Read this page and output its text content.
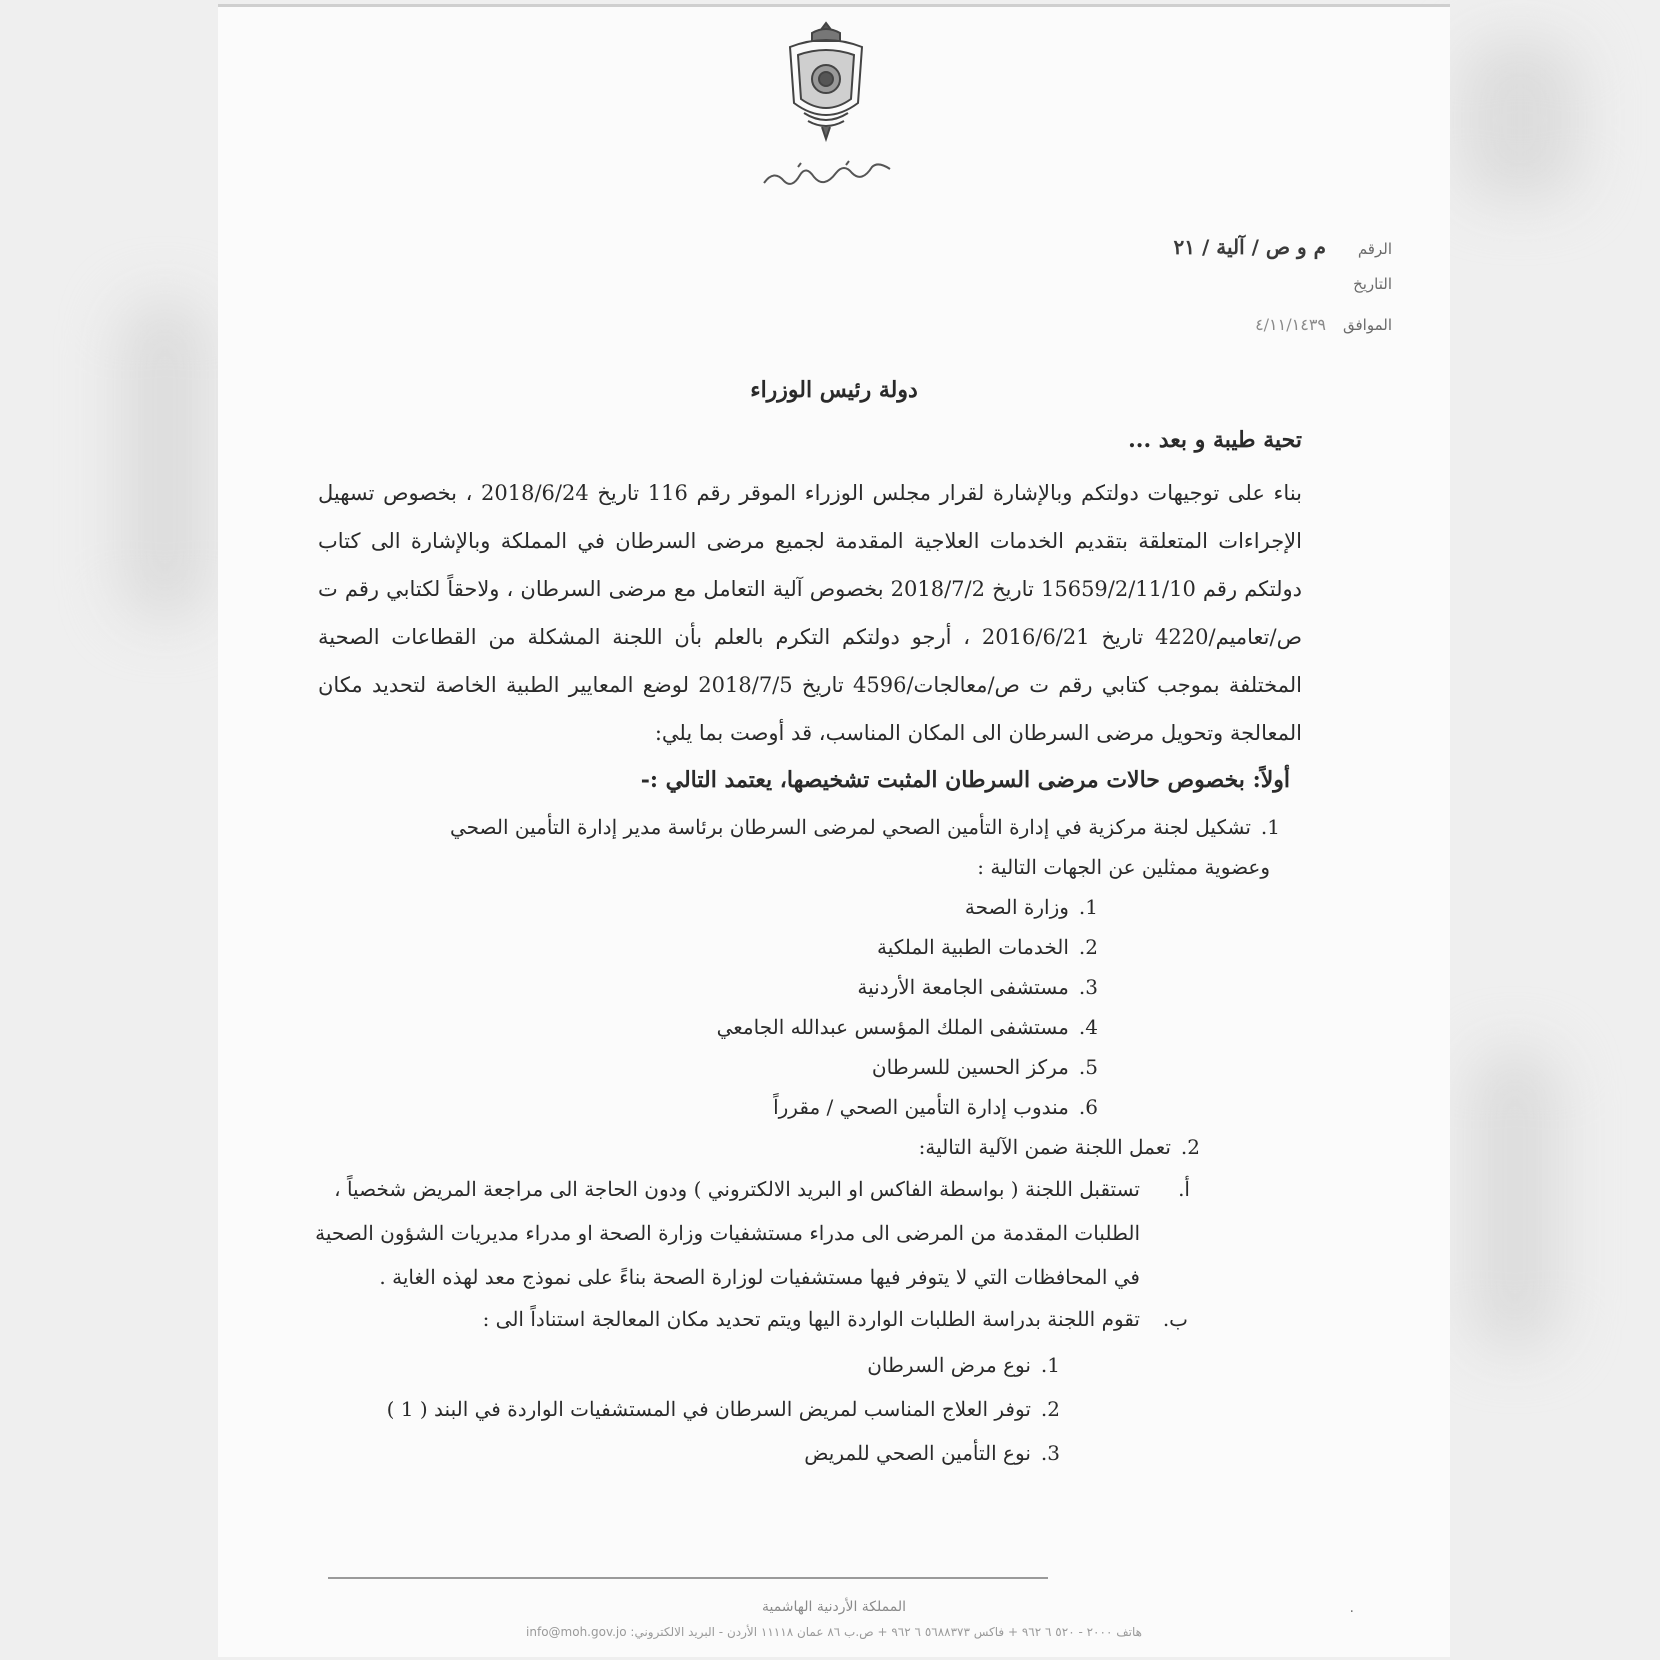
الرقم
م و ص / آلية / ٢١
التاريخ
الموافق
٤/١١/١٤٣٩
دولة رئيس الوزراء
تحية طيبة و بعد ...
بناء على توجيهات دولتكم وبالإشارة لقرار مجلس الوزراء الموقر رقم 116 تاريخ 2018/6/24 ، بخصوص تسهيل الإجراءات المتعلقة بتقديم الخدمات العلاجية المقدمة لجميع مرضى السرطان في المملكة وبالإشارة الى كتاب دولتكم رقم 15659/2/11/10 تاريخ 2018/7/2 بخصوص آلية التعامل مع مرضى السرطان ، ولاحقاً لكتابي رقم ت ص/تعاميم/4220 تاريخ 2016/6/21 ، أرجو دولتكم التكرم بالعلم بأن اللجنة المشكلة من القطاعات الصحية المختلفة بموجب كتابي رقم ت ص/معالجات/4596 تاريخ 2018/7/5 لوضع المعايير الطبية الخاصة لتحديد مكان المعالجة وتحويل مرضى السرطان الى المكان المناسب، قد أوصت بما يلي:
أولاً: بخصوص حالات مرضى السرطان المثبت تشخيصها، يعتمد التالي :-
1.تشكيل لجنة مركزية في إدارة التأمين الصحي لمرضى السرطان برئاسة مدير إدارة التأمين الصحي
وعضوية ممثلين عن الجهات التالية :
1.وزارة الصحة
2.الخدمات الطبية الملكية
3.مستشفى الجامعة الأردنية
4.مستشفى الملك المؤسس عبدالله الجامعي
5.مركز الحسين للسرطان
6.مندوب إدارة التأمين الصحي / مقرراً
2.تعمل اللجنة ضمن الآلية التالية:
أ.
تستقبل اللجنة ( بواسطة الفاكس او البريد الالكتروني ) ودون الحاجة الى مراجعة المريض شخصياً ،
الطلبات المقدمة من المرضى الى مدراء مستشفيات وزارة الصحة او مدراء مديريات الشؤون الصحية
في المحافظات التي لا يتوفر فيها مستشفيات لوزارة الصحة بناءً على نموذج معد لهذه الغاية .
ب.
تقوم اللجنة بدراسة الطلبات الواردة اليها ويتم تحديد مكان المعالجة استناداً الى :
1.نوع مرض السرطان
2.توفر العلاج المناسب لمريض السرطان في المستشفيات الواردة في البند ( 1 )
3.نوع التأمين الصحي للمريض
المملكة الأردنية الهاشمية
هاتف ٢٠٠٠ - ٥٢٠ ٦ ٩٦٢ + فاكس ٥٦٨٨٣٧٣ ٦ ٩٦٢ + ص.ب ٨٦ عمان ١١١١٨ الأردن - البريد الالكتروني: info@moh.gov.jo
٠
